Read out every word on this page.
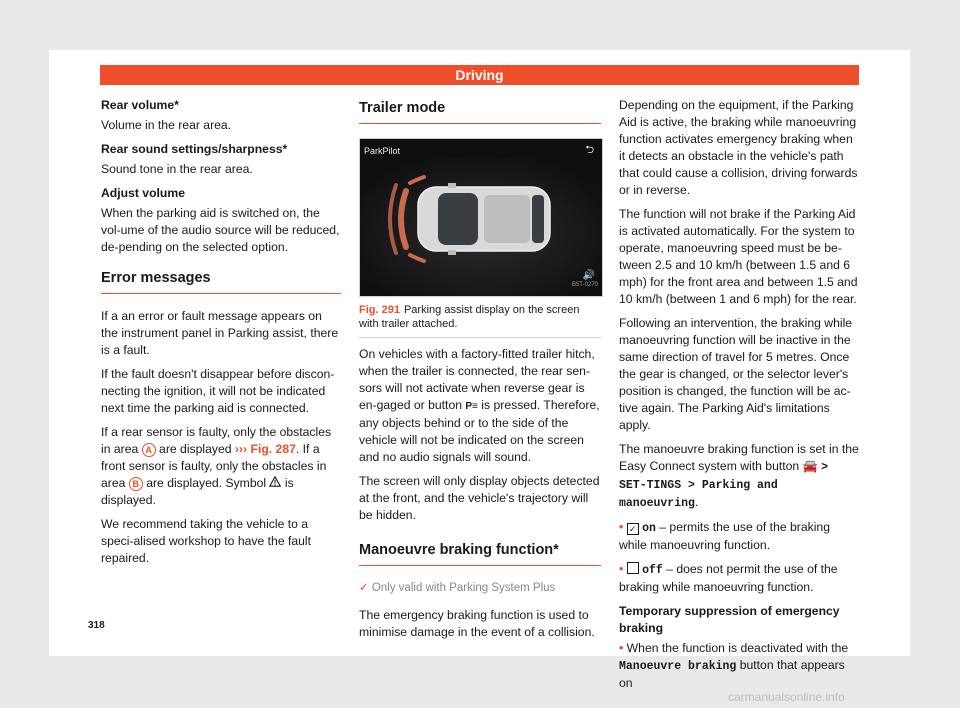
Driving

Rear volume*

Volume in the rear area.

Rear sound settings/sharpness*

Sound tone in the rear area.

Adjust volume

When the parking aid is switched on, the vol-ume of the audio source will be reduced, de-pending on the selected option.

Error messages

If a an error or fault message appears on the instrument panel in Parking assist, there is a fault.

If the fault doesn't disappear before discon-necting the ignition, it will not be indicated next time the parking aid is connected.

If a rear sensor is faulty, only the obstacles in area A are displayed ››› Fig. 287. If a front sensor is faulty, only the obstacles in area B are displayed. Symbol is displayed.

We recommend taking the vehicle to a speci-alised workshop to have the fault repaired.

Trailer mode
ParkPilot	⮌
🔊
B5T-0270
Fig. 291 Parking assist display on the screen with trailer attached.

On vehicles with a factory-fitted trailer hitch, when the trailer is connected, the rear sen-sors will not activate when reverse gear is en-gaged or button P≡ is pressed. Therefore, any objects behind or to the side of the vehicle will not be indicated on the screen and no audio signals will sound.

The screen will only display objects detected at the front, and the vehicle's trajectory will be hidden.

Manoeuvre braking function*

✓ Only valid with Parking System Plus

The emergency braking function is used to minimise damage in the event of a collision.

Depending on the equipment, if the Parking Aid is active, the braking while manoeuvring function activates emergency braking when it detects an obstacle in the vehicle's path that could cause a collision, driving forwards or in reverse.

The function will not brake if the Parking Aid is activated automatically. For the system to operate, manoeuvring speed must be be-tween 2.5 and 10 km/h (between 1.5 and 6 mph) for the front area and between 1.5 and 10 km/h (between 1 and 6 mph) for the rear.

Following an intervention, the braking while manoeuvring function will be inactive in the same direction of travel for 5 metres. Once the gear is changed, or the selector lever's position is changed, the function will be ac-tive again. The Parking Aid's limitations apply.

The manoeuvre braking function is set in the Easy Connect system with button 🚘 > SET-TINGS > Parking and manoeuvring.

• ✓ on – permits the use of the braking while manoeuvring function.

• off – does not permit the use of the braking while manoeuvring function.

Temporary suppression of emergency braking

• When the function is deactivated with the Manoeuvre braking button that appears on

318
carmanualsonline.info
